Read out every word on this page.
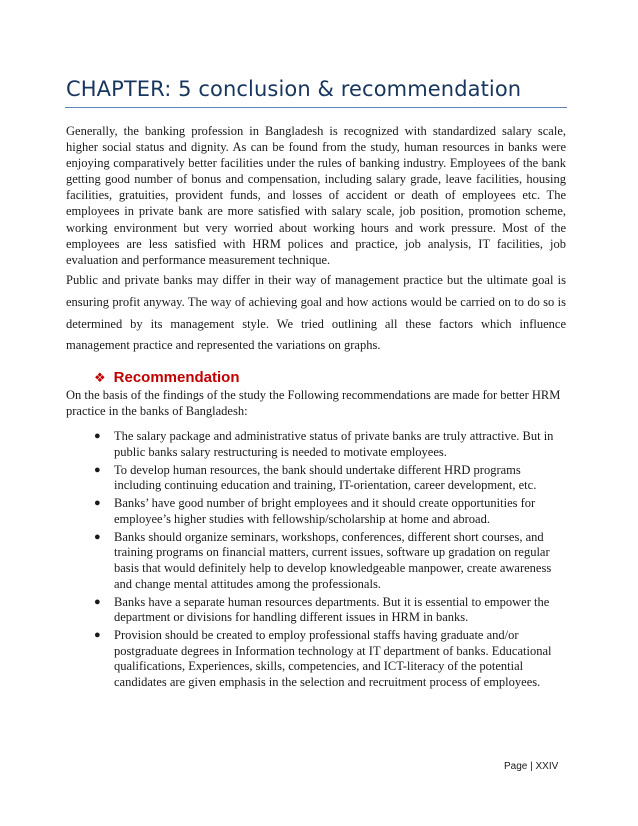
CHAPTER: 5 conclusion & recommendation

Generally, the banking profession in Bangladesh is recognized with standardized salary scale, higher social status and dignity. As can be found from the study, human resources in banks were enjoying comparatively better facilities under the rules of banking industry. Employees of the bank getting good number of bonus and compensation, including salary grade, leave facilities, housing facilities, gratuities, provident funds, and losses of accident or death of employees etc. The employees in private bank are more satisfied with salary scale, job position, promotion scheme, working environment but very worried about working hours and work pressure. Most of the employees are less satisfied with HRM polices and practice, job analysis, IT facilities, job evaluation and performance measurement technique.

Public and private banks may differ in their way of management practice but the ultimate goal is ensuring profit anyway. The way of achieving goal and how actions would be carried on to do so is determined by its management style. We tried outlining all these factors which influence management practice and represented the variations on graphs.

❖ Recommendation

On the basis of the findings of the study the Following recommendations are made for better HRM practice in the banks of Bangladesh:

● The salary package and administrative status of private banks are truly attractive. But in public banks salary restructuring is needed to motivate employees.
● To develop human resources, the bank should undertake different HRD programs including continuing education and training, IT-orientation, career development, etc.
● Banks’ have good number of bright employees and it should create opportunities for employee’s higher studies with fellowship/scholarship at home and abroad.
● Banks should organize seminars, workshops, conferences, different short courses, and training programs on financial matters, current issues, software up gradation on regular basis that would definitely help to develop knowledgeable manpower, create awareness and change mental attitudes among the professionals.
● Banks have a separate human resources departments. But it is essential to empower the department or divisions for handling different issues in HRM in banks.
● Provision should be created to employ professional staffs having graduate and/or postgraduate degrees in Information technology at IT department of banks. Educational qualifications, Experiences, skills, competencies, and ICT-literacy of the potential candidates are given emphasis in the selection and recruitment process of employees.
Page | XXIV
